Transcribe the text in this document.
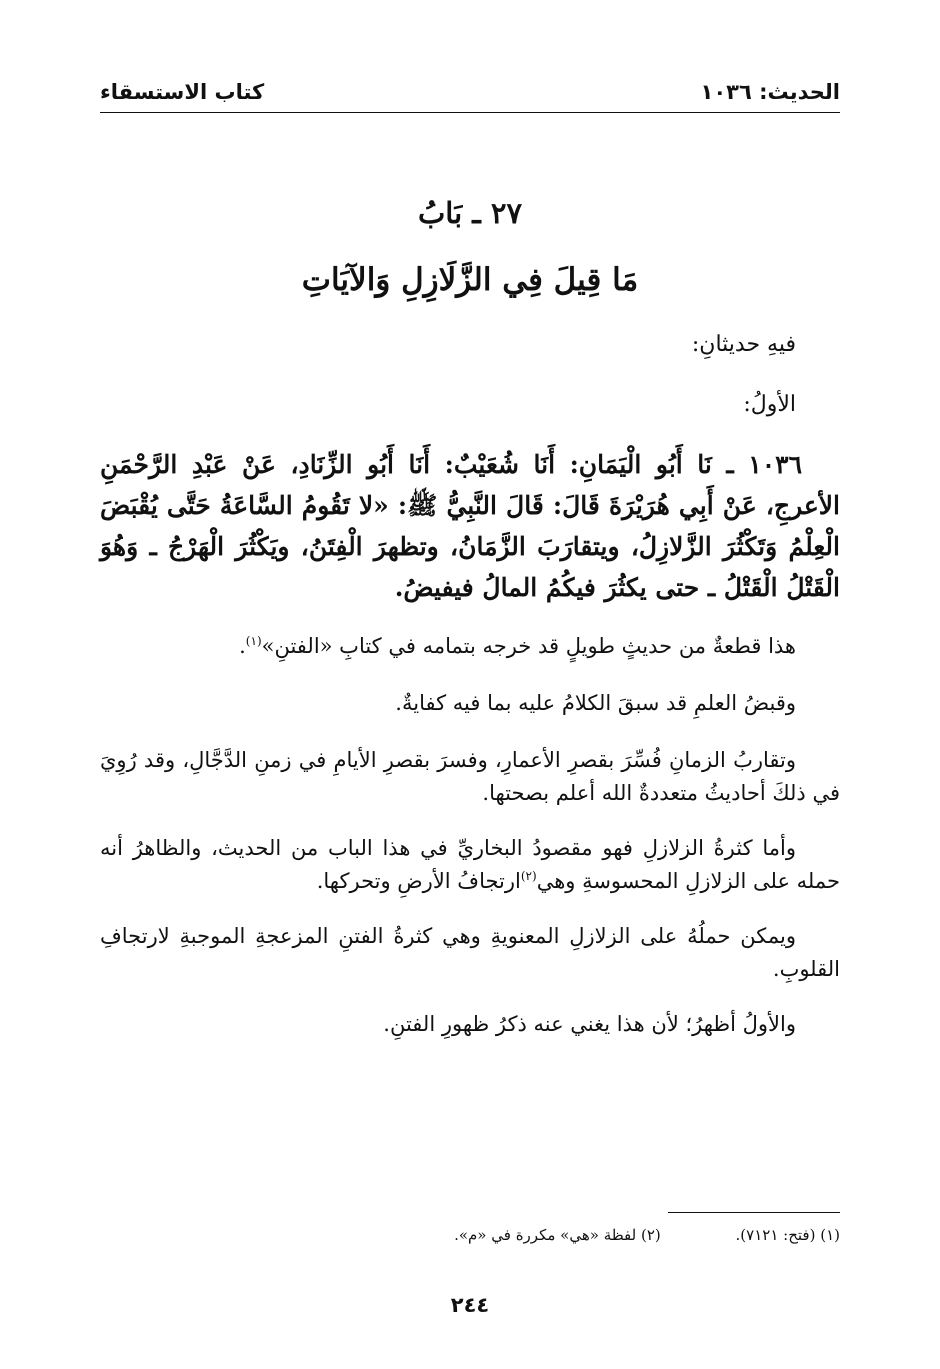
الحديث: ١٠٣٦
كتاب الاستسقاء
٢٧ ـ بَابُ
مَا قِيلَ فِي الزَّلَازِلِ وَالآيَاتِ

فيهِ حديثانِ:

الأولُ:

١٠٣٦ ـ نَا أَبُو الْيَمَانِ: أَنَا شُعَيْبٌ: أَنَا أَبُو الزِّنَادِ، عَنْ عَبْدِ الرَّحْمَنِ الأعرجِ، عَنْ أَبِي هُرَيْرَةَ قَالَ: قَالَ النَّبِيُّ ﷺ: «لا تَقُومُ السَّاعَةُ حَتَّى يُقْبَضَ الْعِلْمُ وَتَكْثُرَ الزَّلازِلُ، ويتقارَبَ الزَّمَانُ، وتظهرَ الْفِتَنُ، ويَكْثُرَ الْهَرْجُ ـ وَهُوَ الْقَتْلُ الْقَتْلُ ـ حتى يكثُرَ فيكُمُ المالُ فيفيضُ.

هذا قطعةٌ من حديثٍ طويلٍ قد خرجه بتمامه في كتابِ «الفتنِ»$^{(١)}$.

وقبضُ العلمِ قد سبقَ الكلامُ عليه بما فيه كفايةٌ.

وتقاربُ الزمانِ فُسِّرَ بقصرِ الأعمارِ، وفسرَ بقصرِ الأيامِ في زمنِ الدَّجَّالِ، وقد رُوِيَ في ذلكَ أحاديثُ متعددةٌ الله أعلم بصحتها.

وأما كثرةُ الزلازلِ فهو مقصودُ البخاريِّ في هذا الباب من الحديث، والظاهرُ أنه حمله على الزلازلِ المحسوسةِ وهي$^{(٢)}$ارتجافُ الأرضِ وتحركها.

ويمكن حملُهُ على الزلازلِ المعنويةِ وهي كثرةُ الفتنِ المزعجةِ الموجبةِ لارتجافِ القلوبِ.

والأولُ أظهرُ؛ لأن هذا يغني عنه ذكرُ ظهورِ الفتنِ.

(١) (فتح: ٧١٢١). (٢) لفظة «هي» مكررة في «م».
٢٤٤
